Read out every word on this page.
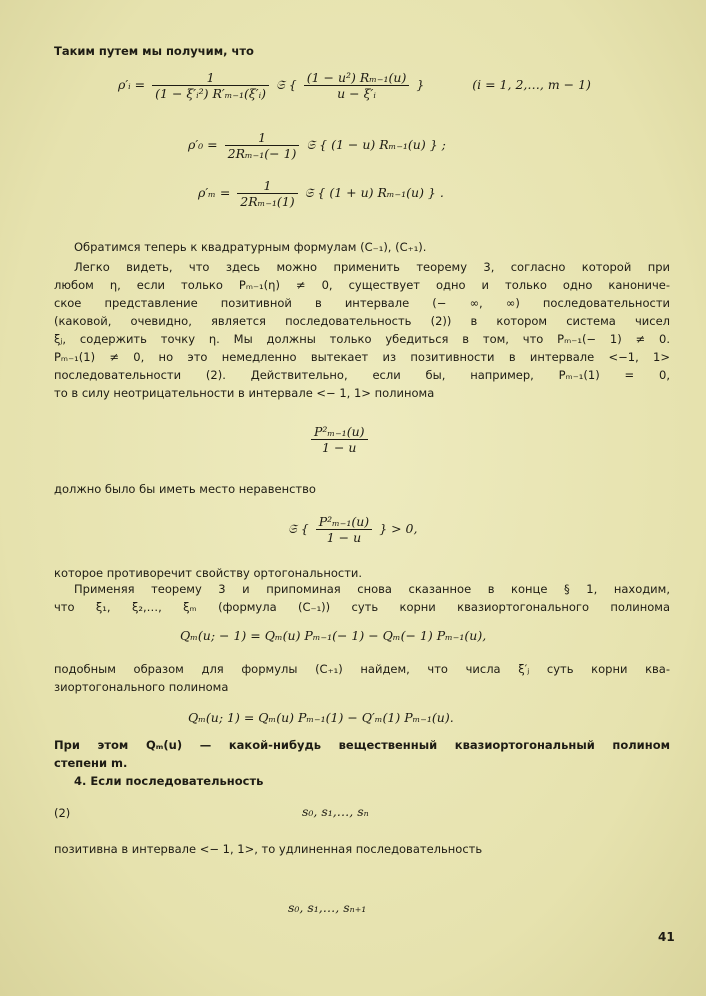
Таким путем мы получим, что
ρ′ᵢ = $\frac{1}{\text{(1 − ξ′ᵢ²) R′ₘ₋₁(ξ′ᵢ)}}$ 𝔖 { $\frac{\text{(1 − u²) Rₘ₋₁(u)}}{\text{u − ξ′ᵢ}}$ }	(i = 1, 2,…, m − 1)
$\rho'_0 = \frac{1}{\text{2Rₘ₋₁(− 1)}}$ 𝔖 { (1 − u) Rₘ₋₁(u) } ;
$\rho'_m = \frac{1}{\text{2Rₘ₋₁(1)}}$ 𝔖 { (1 + u) Rₘ₋₁(u) } .
Обратимся теперь к квадратурным формулам (C₋₁), (C₊₁).
Легко видеть, что здесь можно применить теорему 3, согласно которой при
любом η, если только Pₘ₋₁(η) ≠ 0, существует одно и только одно каноничe-
ское представление позитивной в интервале (− ∞, ∞) последовательности
(каковой, очевидно, является последовательность (2)) в котором система чисел
ξⱼ, содержить точку η. Мы должны только убедиться в том, что Pₘ₋₁(− 1) ≠ 0.
Pₘ₋₁(1) ≠ 0, но это немедленно вытекает из позитивности в интервале <−1, 1>
последовательности (2). Действительно, если бы, например, Pₘ₋₁(1) = 0,
то в силу неотрицательности в интервале <− 1, 1> полинома
$\frac{\text{P²ₘ₋₁(u)}}{1 - u}$
должно было бы иметь место неравенство
𝔖 { $\frac{\text{P²ₘ₋₁(u)}}{1 - u}$ } > 0,
которое противоречит свойству ортогональности.
Применяя теорему 3 и припоминая снова сказанное в конце § 1, находим,
что ξ₁, ξ₂,…, ξₘ (формула (C₋₁)) суть корни квазиортогонального полинома
Qₘ(u; − 1) = Qₘ(u) Pₘ₋₁(− 1) − Qₘ(− 1) Pₘ₋₁(u),
подобным образом для формулы (C₊₁) найдем, что числа ξ′ⱼ суть корни ква-
зиортогонального полинома
Qₘ(u; 1) = Qₘ(u) Pₘ₋₁(1) − Q′ₘ(1) Pₘ₋₁(u).
При этом Qₘ(u) — какой-нибудь вещественный квазиортогональный полином
степени m.
4. Если последовательность
(2)	s₀, s₁,…, sₙ
позитивна в интервале <− 1, 1>, то удлиненная последовательность
s₀, s₁,…, sₙ₊₁
41
